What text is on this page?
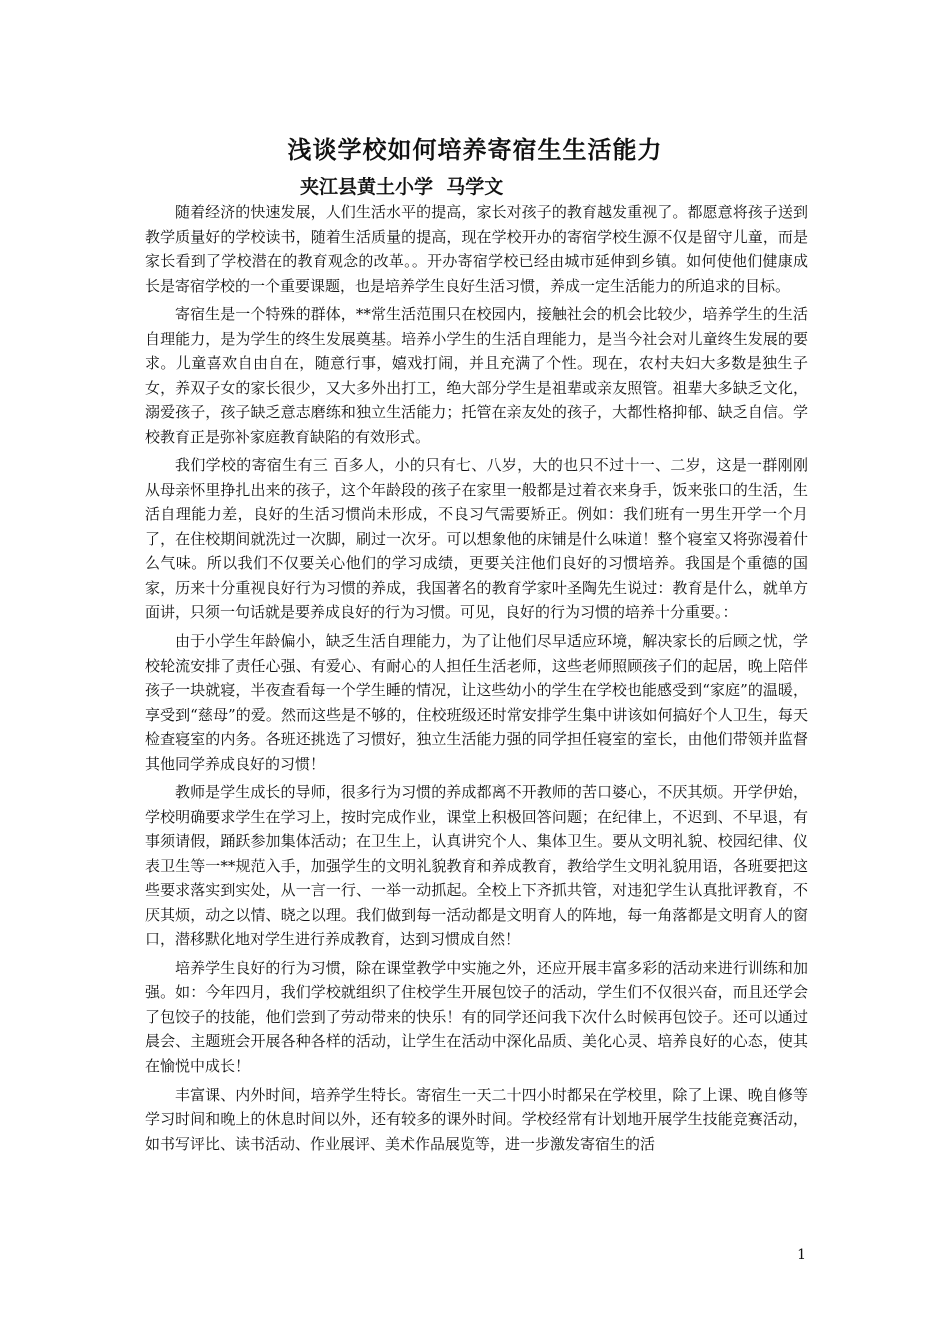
浅谈学校如何培养寄宿生生活能力
夹江县黄土小学  马学文

随着经济的快速发展，人们生活水平的提高，家长对孩子的教育越发重视了。都愿意将孩子送到教学质量好的学校读书，随着生活质量的提高，现在学校开办的寄宿学校生源不仅是留守儿童，而是家长看到了学校潜在的教育观念的改革。。开办寄宿学校已经由城市延伸到乡镇。如何使他们健康成长是寄宿学校的一个重要课题，也是培养学生良好生活习惯，养成一定生活能力的所追求的目标。

寄宿生是一个特殊的群体，**常生活范围只在校园内，接触社会的机会比较少，培养学生的生活自理能力，是为学生的终生发展奠基。培养小学生的生活自理能力，是当今社会对儿童终生发展的要求。儿童喜欢自由自在，随意行事，嬉戏打闹，并且充满了个性。现在，农村夫妇大多数是独生子女，养双子女的家长很少，又大多外出打工，绝大部分学生是祖辈或亲友照管。祖辈大多缺乏文化，溺爱孩子，孩子缺乏意志磨练和独立生活能力；托管在亲友处的孩子，大都性格抑郁、缺乏自信。学校教育正是弥补家庭教育缺陷的有效形式。

我们学校的寄宿生有三 百多人，小的只有七、八岁，大的也只不过十一、二岁，这是一群刚刚从母亲怀里挣扎出来的孩子，这个年龄段的孩子在家里一般都是过着衣来身手，饭来张口的生活，生活自理能力差，良好的生活习惯尚未形成，不良习气需要矫正。例如：我们班有一男生开学一个月了，在住校期间就洗过一次脚，刷过一次牙。可以想象他的床铺是什么味道！整个寝室又将弥漫着什么气味。所以我们不仅要关心他们的学习成绩，更要关注他们良好的习惯培养。我国是个重德的国家，历来十分重视良好行为习惯的养成，我国著名的教育学家叶圣陶先生说过：教育是什么，就单方面讲，只须一句话就是要养成良好的行为习惯。可见，良好的行为习惯的培养十分重要。：

由于小学生年龄偏小，缺乏生活自理能力，为了让他们尽早适应环境，解决家长的后顾之忧，学校轮流安排了责任心强、有爱心、有耐心的人担任生活老师，这些老师照顾孩子们的起居，晚上陪伴孩子一块就寝，半夜查看每一个学生睡的情况，让这些幼小的学生在学校也能感受到“家庭”的温暖，享受到“慈母”的爱。然而这些是不够的，住校班级还时常安排学生集中讲该如何搞好个人卫生，每天检查寝室的内务。各班还挑选了习惯好，独立生活能力强的同学担任寝室的室长，由他们带领并监督其他同学养成良好的习惯！

教师是学生成长的导师，很多行为习惯的养成都离不开教师的苦口婆心，不厌其烦。开学伊始，学校明确要求学生在学习上，按时完成作业，课堂上积极回答问题；在纪律上，不迟到、不早退，有事须请假，踊跃参加集体活动；在卫生上，认真讲究个人、集体卫生。要从文明礼貌、校园纪律、仪表卫生等一**规范入手，加强学生的文明礼貌教育和养成教育，教给学生文明礼貌用语，各班要把这些要求落实到实处，从一言一行、一举一动抓起。全校上下齐抓共管，对违犯学生认真批评教育，不厌其烦，动之以情、晓之以理。我们做到每一活动都是文明育人的阵地，每一角落都是文明育人的窗口，潜移默化地对学生进行养成教育，达到习惯成自然！

培养学生良好的行为习惯，除在课堂教学中实施之外，还应开展丰富多彩的活动来进行训练和加强。如：今年四月，我们学校就组织了住校学生开展包饺子的活动，学生们不仅很兴奋，而且还学会了包饺子的技能，他们尝到了劳动带来的快乐！有的同学还问我下次什么时候再包饺子。还可以通过晨会、主题班会开展各种各样的活动，让学生在活动中深化品质、美化心灵、培养良好的心态，使其在愉悦中成长！

丰富课、内外时间，培养学生特长。寄宿生一天二十四小时都呆在学校里，除了上课、晚自修等学习时间和晚上的休息时间以外，还有较多的课外时间。学校经常有计划地开展学生技能竞赛活动，如书写评比、读书活动、作业展评、美术作品展览等，进一步激发寄宿生的活

1
